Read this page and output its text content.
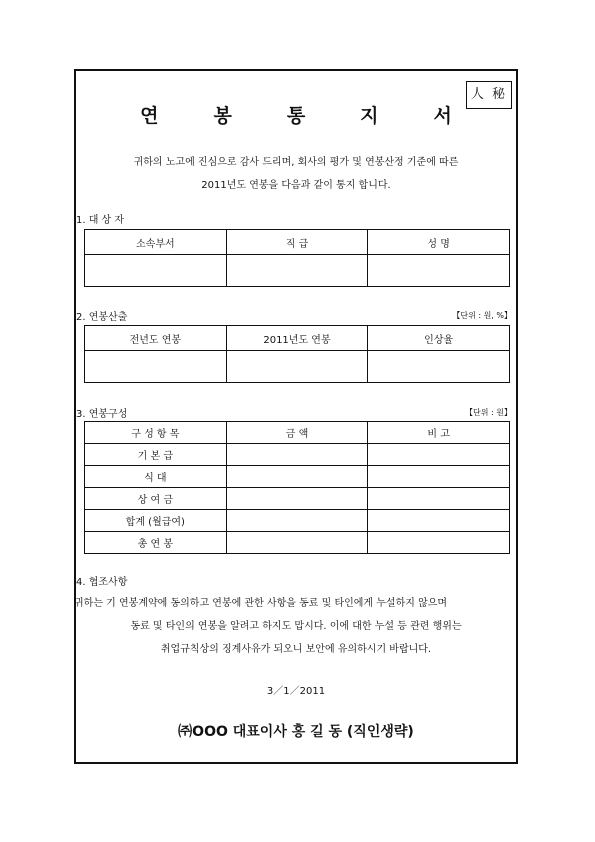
人 秘
연봉통지서
귀하의 노고에 진심으로 감사 드리며, 회사의 평가 및 연봉산정 기준에 따른
2011년도 연봉을 다음과 같이 통지 합니다.
1. 대 상 자
소속부서	직 급	성 명

2. 연봉산출	【단위 : 원, %】
전년도 연봉	2011년도 연봉	인상율

3. 연봉구성	【단위 : 원】
구 성 항 목	금 액	비 고
기 본 급		
식 대		
상 여 금		
합계 (월급여)		
총 연 봉		
4. 협조사항
귀하는 기 연봉계약에 동의하고 연봉에 관한 사항을 동료 및 타인에게 누설하지 않으며
동료 및 타인의 연봉을 알려고 하지도 맙시다. 이에 대한 누설 등 관련 행위는
취업규칙상의 징계사유가 되오니 보안에 유의하시기 바랍니다.
3／1／2011
㈜OOO 대표이사 홍 길 동 (직인생략)
